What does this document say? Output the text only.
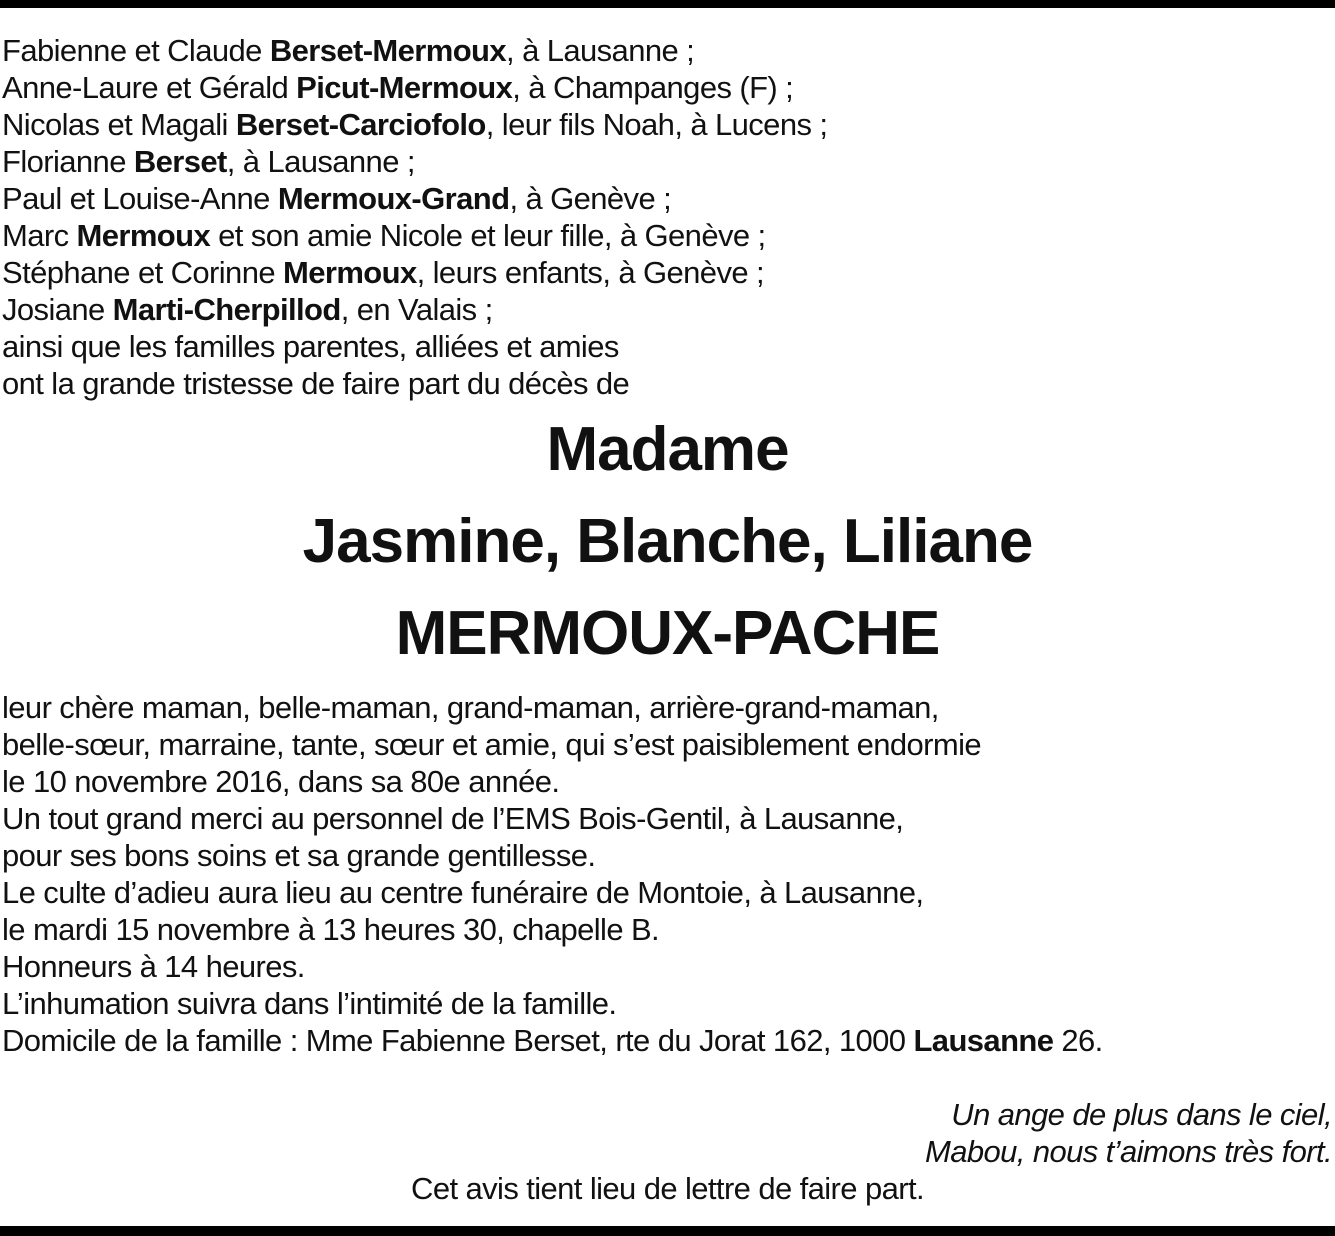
Fabienne et Claude Berset-Mermoux, à Lausanne ;
Anne-Laure et Gérald Picut-Mermoux, à Champanges (F) ;
Nicolas et Magali Berset-Carciofolo, leur fils Noah, à Lucens ;
Florianne Berset, à Lausanne ;
Paul et Louise-Anne Mermoux-Grand, à Genève ;
Marc Mermoux et son amie Nicole et leur fille, à Genève ;
Stéphane et Corinne Mermoux, leurs enfants, à Genève ;
Josiane Marti-Cherpillod, en Valais ;
ainsi que les familles parentes, alliées et amies
ont la grande tristesse de faire part du décès de
Madame
Jasmine, Blanche, Liliane
MERMOUX-PACHE
leur chère maman, belle-maman, grand-maman, arrière-grand-maman,
belle-sœur, marraine, tante, sœur et amie, qui s’est paisiblement endormie
le 10 novembre 2016, dans sa 80e année.
Un tout grand merci au personnel de l’EMS Bois-Gentil, à Lausanne,
pour ses bons soins et sa grande gentillesse.
Le culte d’adieu aura lieu au centre funéraire de Montoie, à Lausanne,
le mardi 15 novembre à 13 heures 30, chapelle B.
Honneurs à 14 heures.
L’inhumation suivra dans l’intimité de la famille.
Domicile de la famille : Mme Fabienne Berset, rte du Jorat 162, 1000 Lausanne 26.
Un ange de plus dans le ciel,
Mabou, nous t’aimons très fort.
Cet avis tient lieu de lettre de faire part.
